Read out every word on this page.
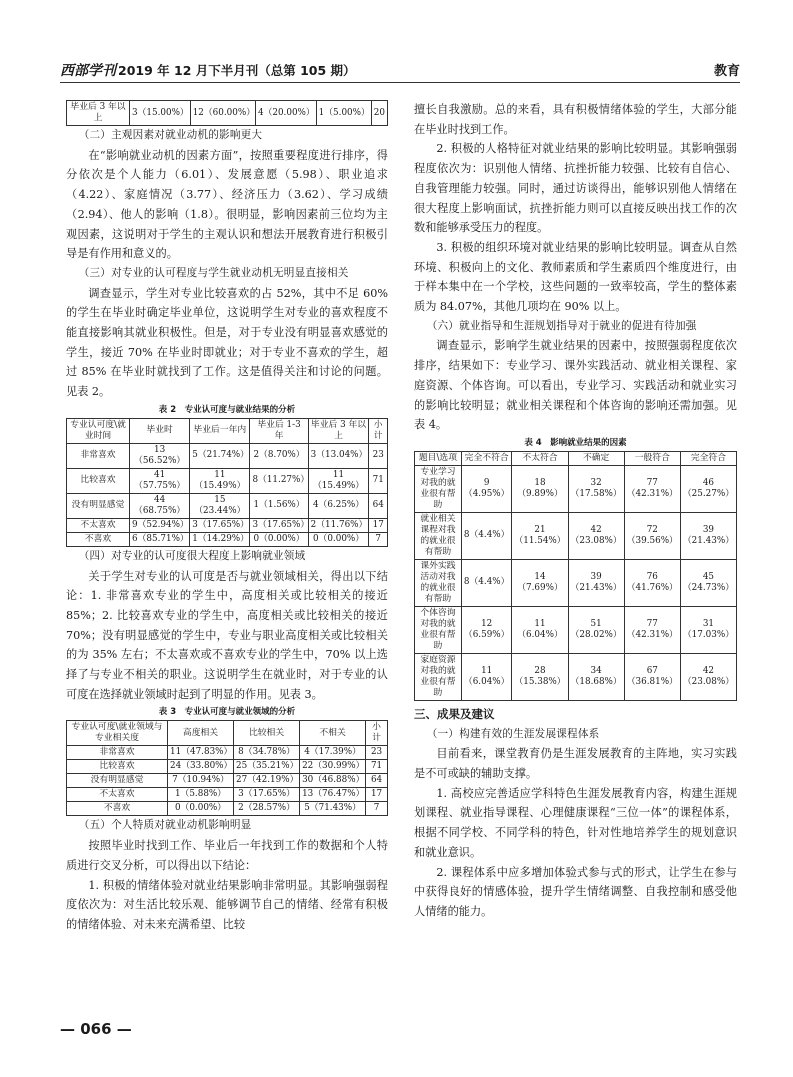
西部学刊 2019 年 12 月下半月刊（总第 105 期）	教育
毕业后 3 年以上	3（15.00%）	12（60.00%）	4（20.00%）	1（5.00%）	20

（二）主观因素对就业动机的影响更大

在“影响就业动机的因素方面”，按照重要程度进行排序，得分依次是个人能力（6.01）、发展意愿（5.98）、职业追求（4.22）、家庭情况（3.77）、经济压力（3.62）、学习成绩（2.94）、他人的影响（1.8）。很明显，影响因素前三位均为主观因素，这说明对于学生的主观认识和想法开展教育进行积极引导是有作用和意义的。

（三）对专业的认可程度与学生就业动机无明显直接相关

调查显示，学生对专业比较喜欢的占 52%，其中不足 60% 的学生在毕业时确定毕业单位，这说明学生对专业的喜欢程度不能直接影响其就业积极性。但是，对于专业没有明显喜欢感觉的学生，接近 70% 在毕业时即就业；对于专业不喜欢的学生，超过 85% 在毕业时就找到了工作。这是值得关注和讨论的问题。见表 2。

表 2　专业认可度与就业结果的分析
专业认可度\就业时间	毕业时	毕业后一年内	毕业后 1-3 年	毕业后 3 年以上	小计
非常喜欢	13（56.52%）	5（21.74%）	2（8.70%）	3（13.04%）	23
比较喜欢	41（57.75%）	11（15.49%）	8（11.27%）	11（15.49%）	71
没有明显感觉	44（68.75%）	15（23.44%）	1（1.56%）	4（6.25%）	64
不太喜欢	9（52.94%）	3（17.65%）	3（17.65%）	2（11.76%）	17
不喜欢	6（85.71%）	1（14.29%）	0（0.00%）	0（0.00%）	7

（四）对专业的认可度很大程度上影响就业领域

关于学生对专业的认可度是否与就业领域相关，得出以下结论：1. 非常喜欢专业的学生中，高度相关或比较相关的接近 85%；2. 比较喜欢专业的学生中，高度相关或比较相关的接近 70%；没有明显感觉的学生中，专业与职业高度相关或比较相关的为 35% 左右；不太喜欢或不喜欢专业的学生中，70% 以上选择了与专业不相关的职业。这说明学生在就业时，对于专业的认可度在选择就业领域时起到了明显的作用。见表 3。

表 3　专业认可度与就业领域的分析
专业认可度\就业领域与专业相关度	高度相关	比较相关	不相关	小计
非常喜欢	11（47.83%）	8（34.78%）	4（17.39%）	23
比较喜欢	24（33.80%）	25（35.21%）	22（30.99%）	71
没有明显感觉	7（10.94%）	27（42.19%）	30（46.88%）	64
不太喜欢	1（5.88%）	3（17.65%）	13（76.47%）	17
不喜欢	0（0.00%）	2（28.57%）	5（71.43%）	7

（五）个人特质对就业动机影响明显

按照毕业时找到工作、毕业后一年找到工作的数据和个人特质进行交叉分析，可以得出以下结论：

1. 积极的情绪体验对就业结果影响非常明显。其影响强弱程度依次为：对生活比较乐观、能够调节自己的情绪、经常有积极的情绪体验、对未来充满希望、比较

擅长自我激励。总的来看，具有积极情绪体验的学生，大部分能在毕业时找到工作。

2. 积极的人格特征对就业结果的影响比较明显。其影响强弱程度依次为：识别他人情绪、抗挫折能力较强、比较有自信心、自我管理能力较强。同时，通过访谈得出，能够识别他人情绪在很大程度上影响面试，抗挫折能力则可以直接反映出找工作的次数和能够承受压力的程度。

3. 积极的组织环境对就业结果的影响比较明显。调查从自然环境、积极向上的文化、教师素质和学生素质四个维度进行，由于样本集中在一个学校，这些问题的一致率较高，学生的整体素质为 84.07%，其他几项均在 90% 以上。

（六）就业指导和生涯规划指导对于就业的促进有待加强

调查显示，影响学生就业结果的因素中，按照强弱程度依次排序，结果如下：专业学习、课外实践活动、就业相关课程、家庭资源、个体咨询。可以看出，专业学习、实践活动和就业实习的影响比较明显；就业相关课程和个体咨询的影响还需加强。见表 4。

表 4　影响就业结果的因素
题目\选项	完全不符合	不太符合	不确定	一般符合	完全符合
专业学习对我的就业很有帮助	9（4.95%）	18（9.89%）	32（17.58%）	77（42.31%）	46（25.27%）
就业相关课程对我的就业很有帮助	8（4.4%）	21（11.54%）	42（23.08%）	72（39.56%）	39（21.43%）
课外实践活动对我的就业很有帮助	8（4.4%）	14（7.69%）	39（21.43%）	76（41.76%）	45（24.73%）
个体咨询对我的就业很有帮助	12（6.59%）	11（6.04%）	51（28.02%）	77（42.31%）	31（17.03%）
家庭资源对我的就业很有帮助	11（6.04%）	28（15.38%）	34（18.68%）	67（36.81%）	42（23.08%）

三、成果及建议

（一）构建有效的生涯发展课程体系

目前看来，课堂教育仍是生涯发展教育的主阵地，实习实践是不可或缺的辅助支撑。

1. 高校应完善适应学科特色生涯发展教育内容，构建生涯规划课程、就业指导课程、心理健康课程“三位一体”的课程体系，根据不同学校、不同学科的特色，针对性地培养学生的规划意识和就业意识。

2. 课程体系中应多增加体验式参与式的形式，让学生在参与中获得良好的情感体验，提升学生情绪调整、自我控制和感受他人情绪的能力。

— 066 —
